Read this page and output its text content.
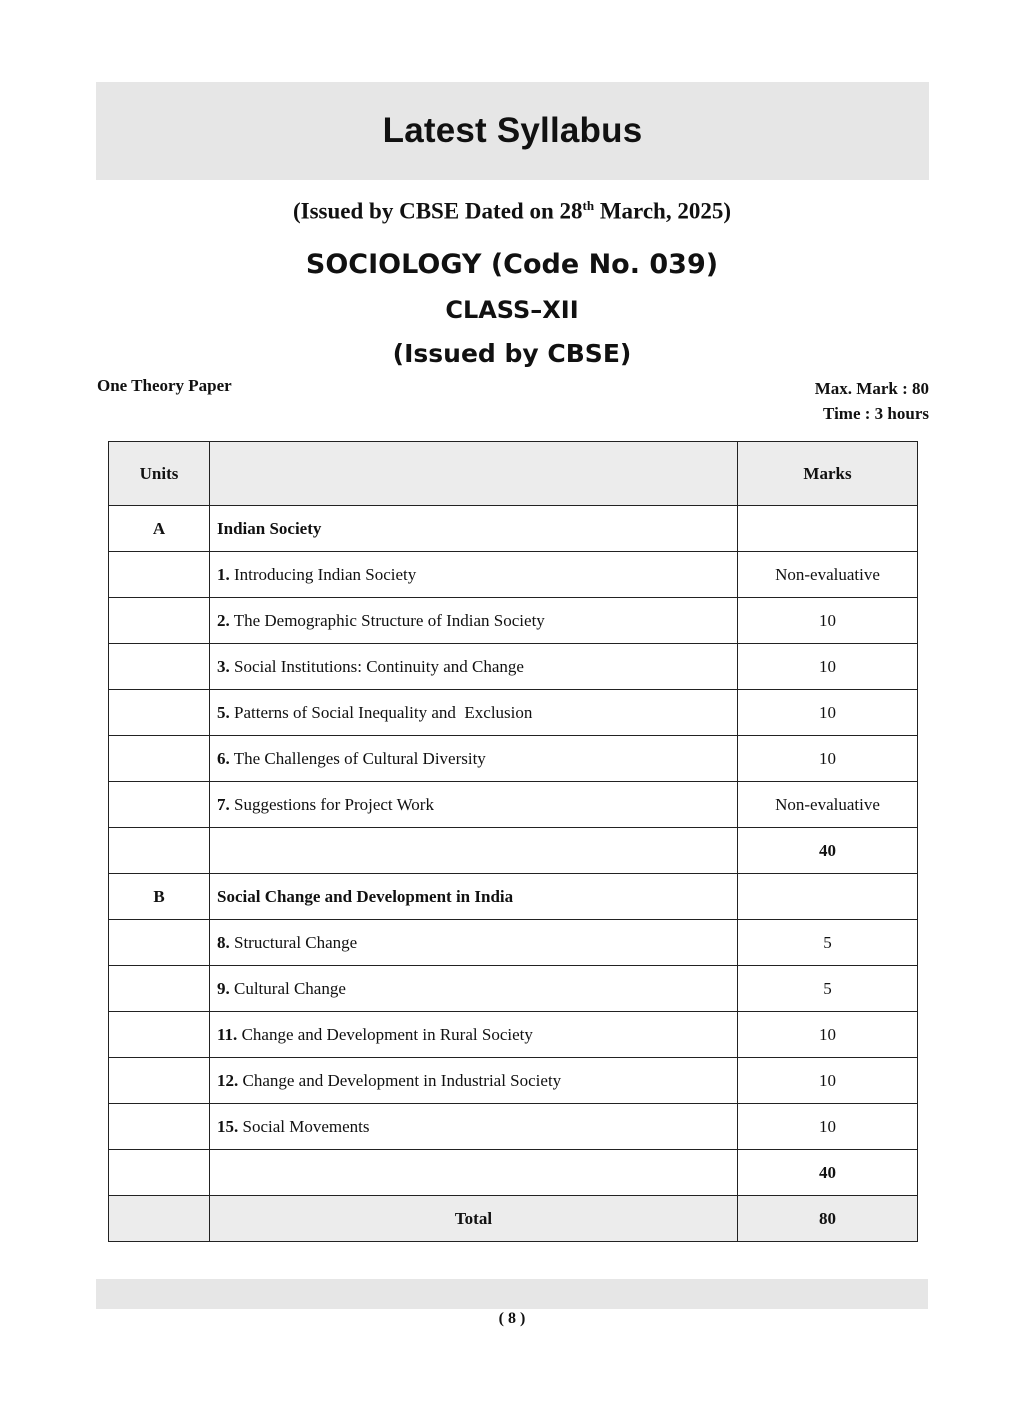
Latest Syllabus
(Issued by CBSE Dated on 28th March, 2025)
SOCIOLOGY (Code No. 039)
CLASS–XII
(Issued by CBSE)
One Theory Paper	Max. Mark : 80
Time : 3 hours
Units		Marks
A	Indian Society	
	1. Introducing Indian Society	Non-evaluative
	2. The Demographic Structure of Indian Society	10
	3. Social Institutions: Continuity and Change	10
	5. Patterns of Social Inequality and  Exclusion	10
	6. The Challenges of Cultural Diversity	10
	7. Suggestions for Project Work	Non-evaluative
		40
B	Social Change and Development in India	
	8. Structural Change	5
	9. Cultural Change	5
	11. Change and Development in Rural Society	10
	12. Change and Development in Industrial Society	10
	15. Social Movements	10
		40
	Total	80
( 8 )
